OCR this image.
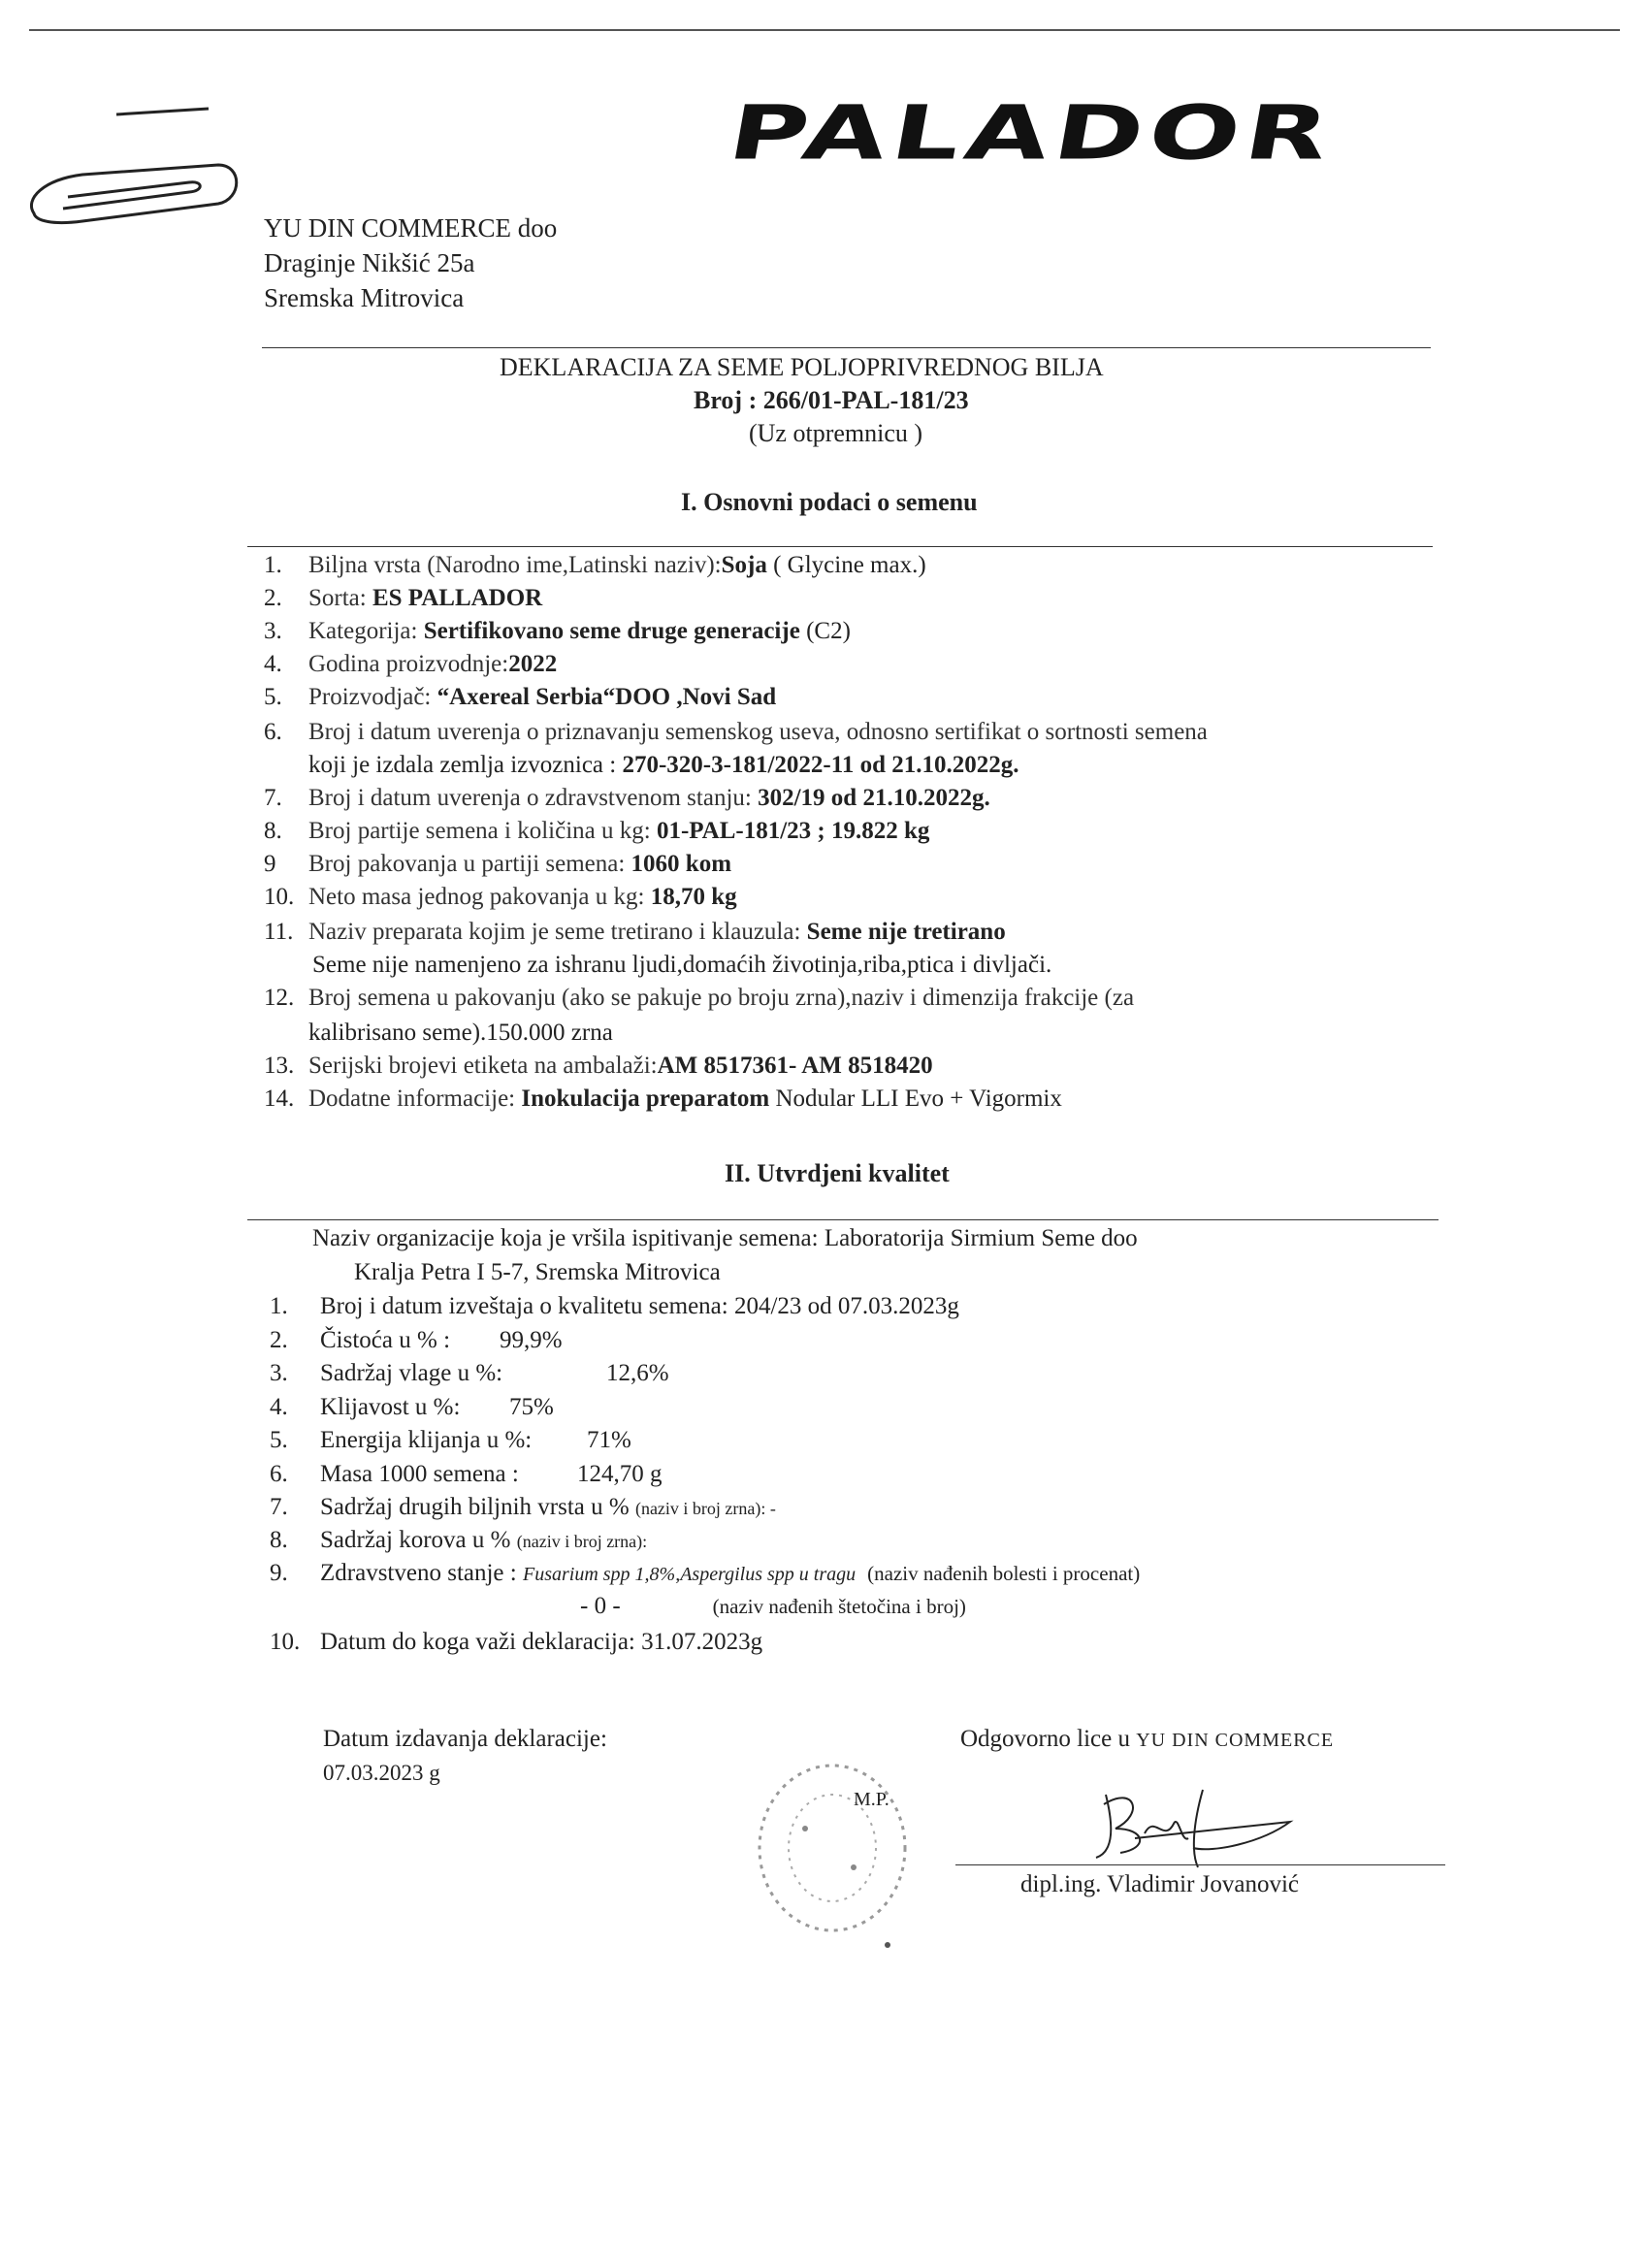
PALADOR
YU DIN COMMERCE doo
Draginje Nikšić 25a
Sremska Mitrovica
DEKLARACIJA ZA SEME POLJOPRIVREDNOG BILJA
Broj : 266/01-PAL-181/23
(Uz otpremnicu )
I. Osnovni podaci o semenu
1. Biljna vrsta (Narodno ime,Latinski naziv):Soja ( Glycine max.)
2. Sorta: ES PALLADOR
3. Kategorija: Sertifikovano seme druge generacije (C2)
4. Godina proizvodnje:2022
5. Proizvodjač: “Axereal Serbia“DOO ,Novi Sad
6. Broj i datum uverenja o priznavanju semenskog useva, odnosno sertifikat o sortnosti semena
koji je izdala zemlja izvoznica : 270-320-3-181/2022-11 od 21.10.2022g.
7. Broj i datum uverenja o zdravstvenom stanju: 302/19 od 21.10.2022g.
8. Broj partije semena i količina u kg: 01-PAL-181/23 ; 19.822 kg
9 Broj pakovanja u partiji semena: 1060 kom
10. Neto masa jednog pakovanja u kg: 18,70 kg
11. Naziv preparata kojim je seme tretirano i klauzula: Seme nije tretirano
Seme nije namenjeno za ishranu ljudi,domaćih životinja,riba,ptica i divljači.
12. Broj semena u pakovanju (ako se pakuje po broju zrna),naziv i dimenzija frakcije (za
kalibrisano seme).150.000 zrna
13. Serijski brojevi etiketa na ambalaži:AM 8517361- AM 8518420
14. Dodatne informacije: Inokulacija preparatom Nodular LLI Evo + Vigormix
II. Utvrdjeni kvalitet
Naziv organizacije koja je vršila ispitivanje semena: Laboratorija Sirmium Seme doo
Kralja Petra I 5-7, Sremska Mitrovica
1. Broj i datum izveštaja o kvalitetu semena: 204/23 od 07.03.2023g
2. Čistoća u % : 99,9%
3. Sadržaj vlage u %:	12,6%
4. Klijavost u %: 75%
5. Energija klijanja u %: 71%
6. Masa 1000 semena : 124,70 g
7. Sadržaj drugih biljnih vrsta u % (naziv i broj zrna): -
8. Sadržaj korova u % (naziv i broj zrna):
9. Zdravstveno stanje : Fusarium spp 1,8%,Aspergilus spp u tragu (naziv nađenih bolesti i procenat)
- 0 -	(naziv nađenih štetočina i broj)
10. Datum do koga važi deklaracija: 31.07.2023g
Datum izdavanja deklaracije:
07.03.2023 g
Odgovorno lice u YU DIN COMMERCE
M.P.
dipl.ing. Vladimir Jovanović
